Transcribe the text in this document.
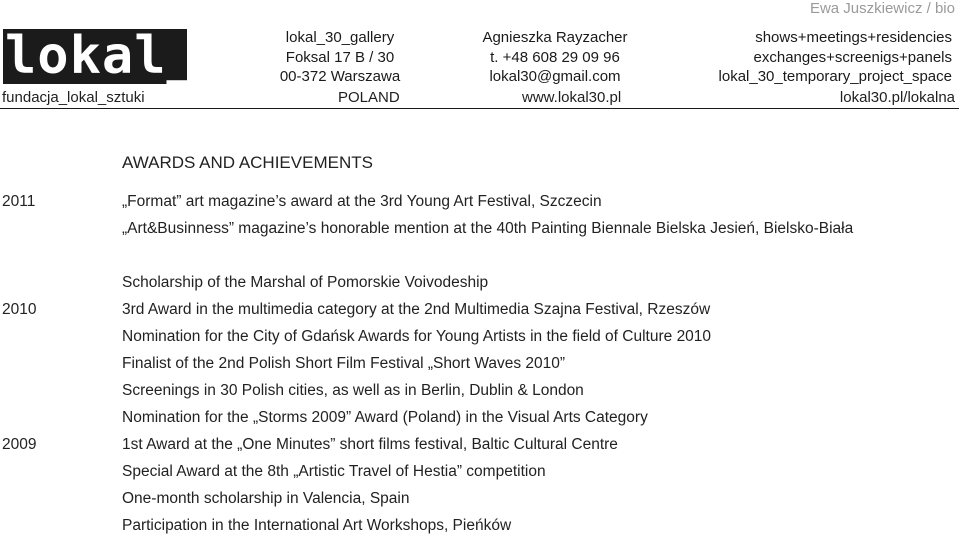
Ewa Juszkiewicz / bio
lokal_30	lokal_30_gallery
Foksal 17 B / 30
00-372 Warszawa
Agnieszka Rayzacher
t. +48 608 29 09 96
lokal30@gmail.com
shows+meetings+residencies
exchanges+screenigs+panels
lokal_30_temporary_project_space
fundacja_lokal_sztuki	POLAND	www.lokal30.pl	lokal30.pl/lokalna
AWARDS AND ACHIEVEMENTS
2011	„Format” art magazine’s award at the 3rd Young Art Festival, Szczecin
„Art&Businness” magazine’s honorable mention at the 40th Painting Biennale Bielska Jesień, Bielsko-Biała
Scholarship of the Marshal of Pomorskie Voivodeship
2010	3rd Award in the multimedia category at the 2nd Multimedia Szajna Festival, Rzeszów
Nomination for the City of Gdańsk Awards for Young Artists in the field of Culture 2010
Finalist of the 2nd Polish Short Film Festival „Short Waves 2010”
Screenings in 30 Polish cities, as well as in Berlin, Dublin & London
Nomination for the „Storms 2009” Award (Poland) in the Visual Arts Category
2009	1st Award at the „One Minutes” short films festival, Baltic Cultural Centre
Special Award at the 8th „Artistic Travel of Hestia” competition
One-month scholarship in Valencia, Spain
Participation in the International Art Workshops, Pieńków
